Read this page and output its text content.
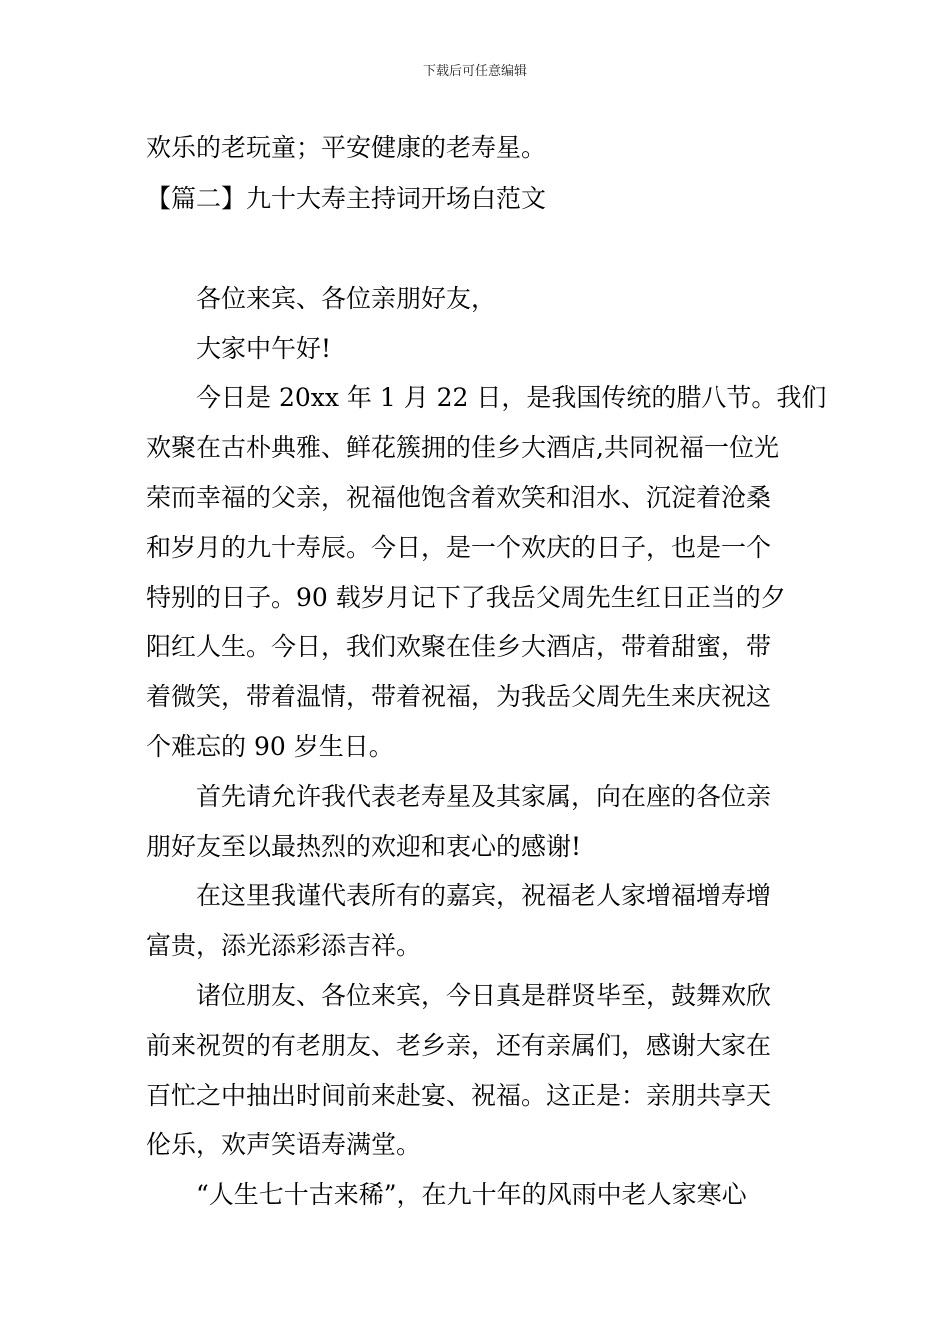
下载后可任意编辑
欢乐的老玩童；平安健康的老寿星。
【篇二】九十大寿主持词开场白范文
　　各位来宾、各位亲朋好友，
　　大家中午好!
　　今日是 20xx 年 1 月 22 日，是我国传统的腊八节。我们
欢聚在古朴典雅、鲜花簇拥的佳乡大酒店,共同祝福一位光
荣而幸福的父亲，祝福他饱含着欢笑和泪水、沉淀着沧桑
和岁月的九十寿辰。今日，是一个欢庆的日子，也是一个
特别的日子。90 载岁月记下了我岳父周先生红日正当的夕
阳红人生。今日，我们欢聚在佳乡大酒店，带着甜蜜，带
着微笑，带着温情，带着祝福，为我岳父周先生来庆祝这
个难忘的 90 岁生日。
　　首先请允许我代表老寿星及其家属，向在座的各位亲
朋好友至以最热烈的欢迎和衷心的感谢!
　　在这里我谨代表所有的嘉宾，祝福老人家增福增寿增
富贵，添光添彩添吉祥。
　　诸位朋友、各位来宾，今日真是群贤毕至，鼓舞欢欣
前来祝贺的有老朋友、老乡亲，还有亲属们，感谢大家在
百忙之中抽出时间前来赴宴、祝福。这正是：亲朋共享天
伦乐，欢声笑语寿满堂。
　　“人生七十古来稀”，在九十年的风雨中老人家寒心
